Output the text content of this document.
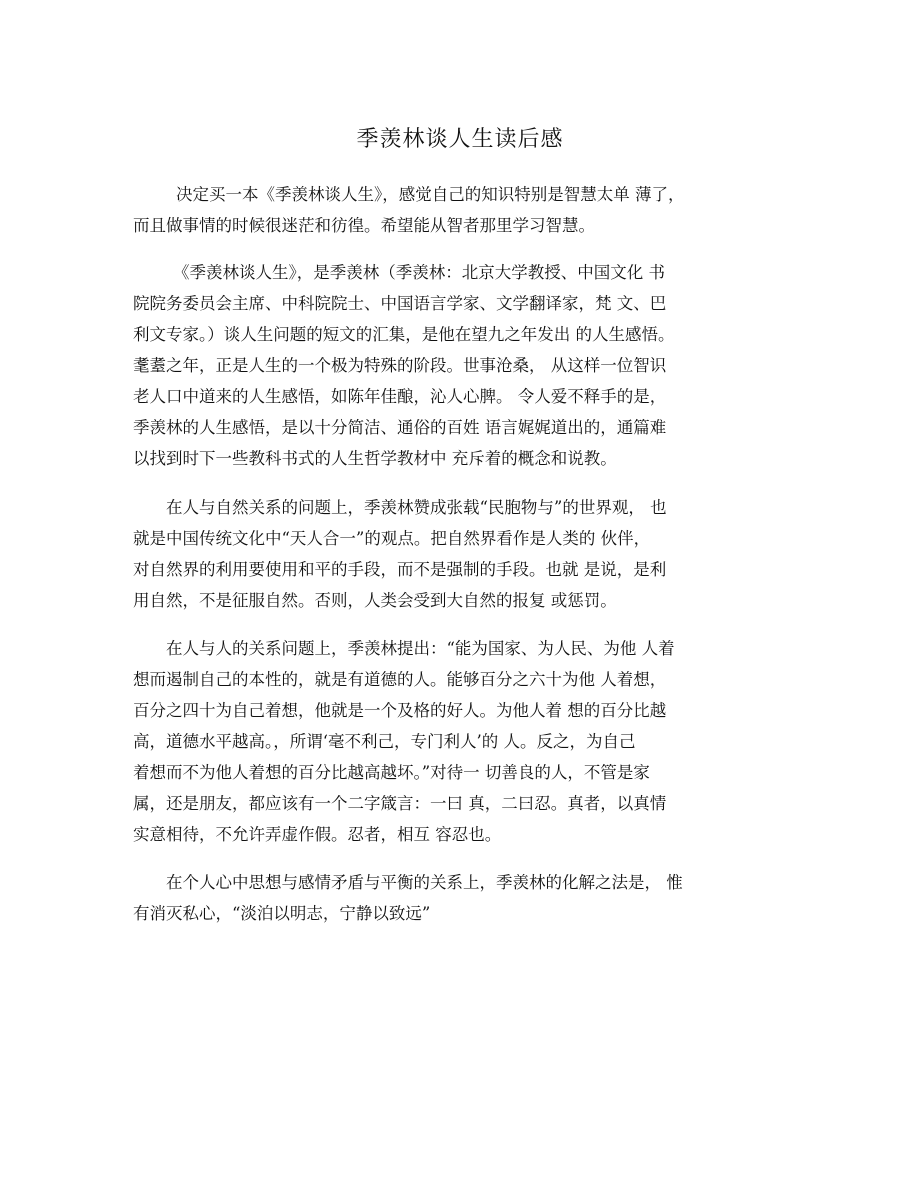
季羡林谈人生读后感
决定买一本《季羡林谈人生》，感觉自己的知识特别是智慧太单 薄了，
而且做事情的时候很迷茫和彷徨。希望能从智者那里学习智慧。
《季羡林谈人生》，是季羡林（季羡林：北京大学教授、中国文化 书
院院务委员会主席、中科院院士、中国语言学家、文学翻译家，梵 文、巴
利文专家。）谈人生问题的短文的汇集，是他在望九之年发出 的人生感悟。
耄耋之年，正是人生的一个极为特殊的阶段。世事沧桑， 从这样一位智识
老人口中道来的人生感悟，如陈年佳酿，沁人心脾。 令人爱不释手的是，
季羡林的人生感悟，是以十分简洁、通俗的百姓 语言娓娓道出的，通篇难
以找到时下一些教科书式的人生哲学教材中 充斥着的概念和说教。
在人与自然关系的问题上，季羡林赞成张载“民胞物与”的世界观， 也
就是中国传统文化中“天人合一”的观点。把自然界看作是人类的 伙伴，
对自然界的利用要使用和平的手段，而不是强制的手段。也就 是说，是利
用自然，不是征服自然。否则，人类会受到大自然的报复 或惩罚。
在人与人的关系问题上，季羡林提出：“能为国家、为人民、为他 人着
想而遏制自己的本性的，就是有道德的人。能够百分之六十为他 人着想，
百分之四十为自己着想，他就是一个及格的好人。为他人着 想的百分比越
高，道德水平越高。，所谓‘毫不利己，专门利人’的 人。反之，为自己
着想而不为他人着想的百分比越高越坏。”对待一 切善良的人，不管是家
属，还是朋友，都应该有一个二字箴言：一曰 真，二曰忍。真者，以真情
实意相待，不允许弄虚作假。忍者，相互 容忍也。
在个人心中思想与感情矛盾与平衡的关系上，季羡林的化解之法是， 惟
有消灭私心，“淡泊以明志，宁静以致远”
